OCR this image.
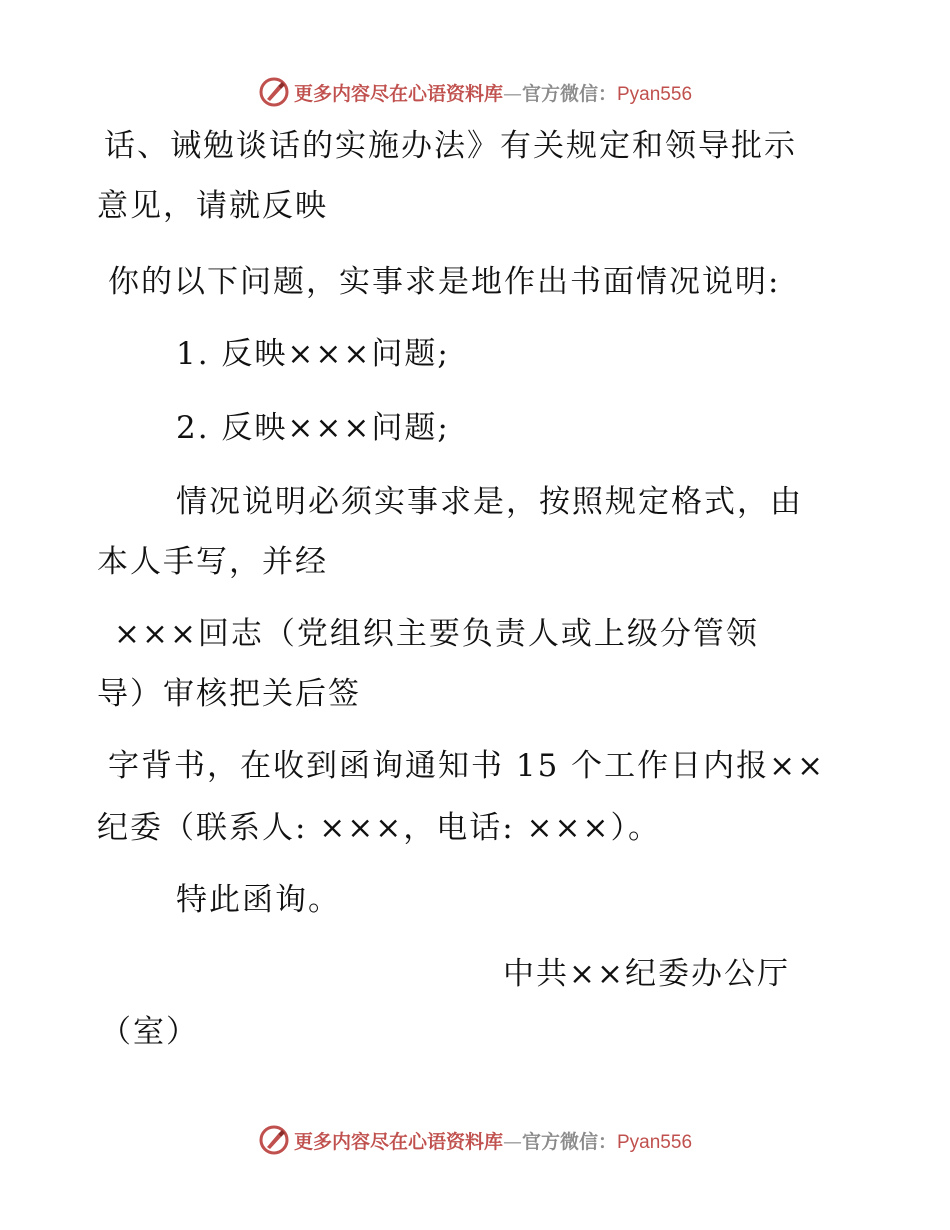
更多内容尽在心语资料库—官方微信：Pyan556
话、诫勉谈话的实施办法》有关规定和领导批示
意见，请就反映
你的以下问题，实事求是地作出书面情况说明:
1. 反映×××问题;
2. 反映×××问题;
情况说明必须实事求是，按照规定格式，由
本人手写，并经
×××回志（党组织主要负责人或上级分管领
导）审核把关后签
字背书，在收到函询通知书 15 个工作日内报××
纪委（联系人: ×××，电话: ×××）。
特此函询。
中共××纪委办公厅
（室）
更多内容尽在心语资料库—官方微信：Pyan556
